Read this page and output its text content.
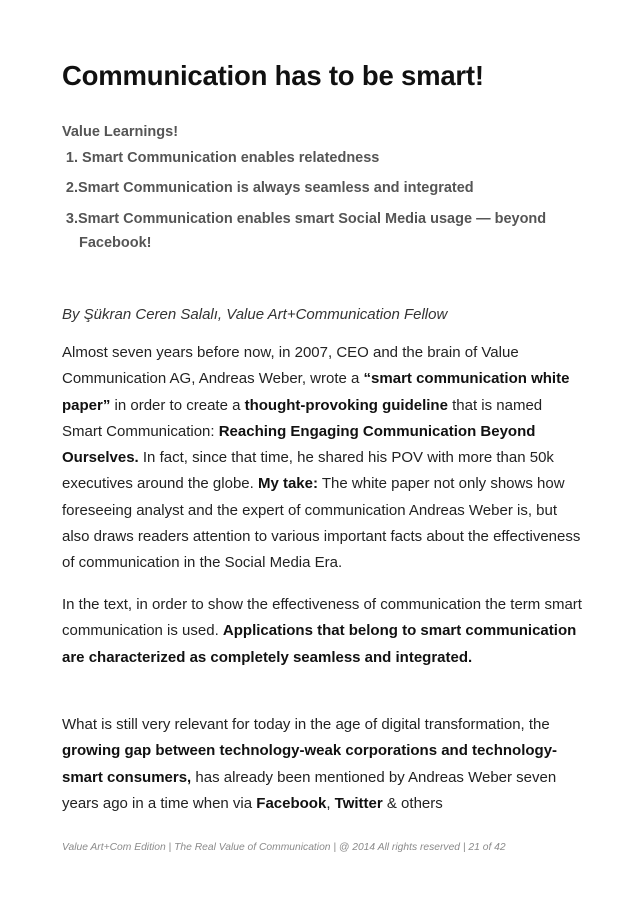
Communication has to be smart!
Value Learnings!
1. Smart Communication enables relatedness
2.Smart Communication is always seamless and integrated
3.Smart Communication enables smart Social Media usage — beyond Facebook!
By Şükran Ceren Salalı, Value Art+Communication Fellow

Almost seven years before now, in 2007, CEO and the brain of Value Communication AG, Andreas Weber, wrote a “smart communication white paper” in order to create a thought-provoking guideline that is named Smart Communication: Reaching Engaging Communication Beyond Ourselves. In fact, since that time, he shared his POV with more than 50k executives around the globe. My take: The white paper not only shows how foreseeing analyst and the expert of communication Andreas Weber is, but also draws readers attention to various important facts about the effectiveness of communication in the Social Media Era.

In the text, in order to show the effectiveness of communication the term smart communication is used. Applications that belong to smart communication are characterized as completely seamless and integrated.

What is still very relevant for today in the age of digital transformation, the growing gap between technology-weak corporations and technology-smart consumers, has already been mentioned by Andreas Weber seven years ago in a time when via Facebook, Twitter & others

Value Art+Com Edition | The Real Value of Communication | @ 2014 All rights reserved | 21 of 42
